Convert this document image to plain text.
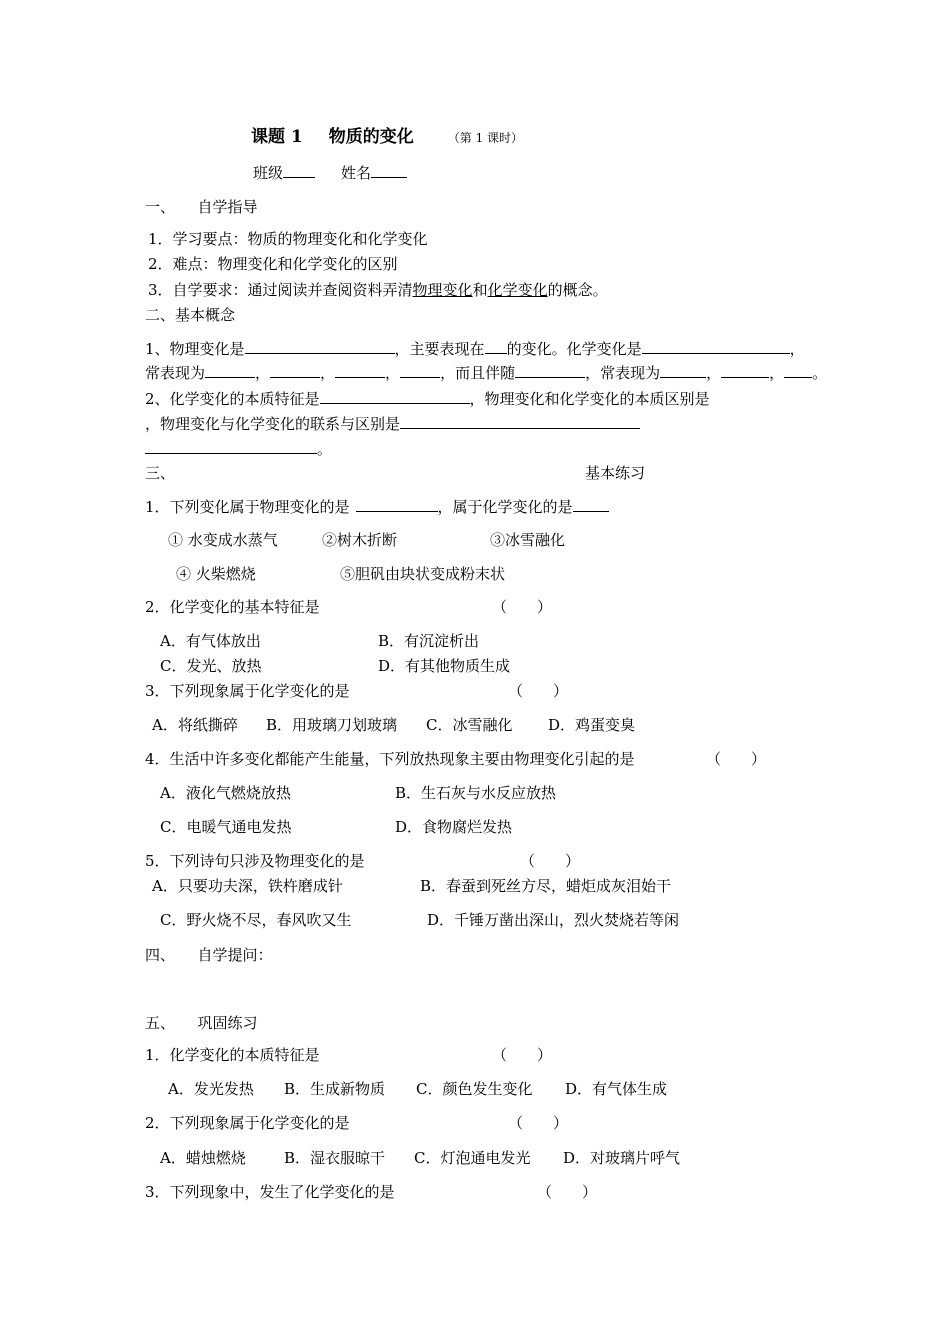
课题 1 物质的变化	（第 1 课时）
班级	姓名
一、　　自学指导
1．学习要点：物质的物理变化和化学变化
2．难点：物理变化和化学变化的区别
3．自学要求：通过阅读并查阅资料弄清物理变化和化学变化的概念。
二、基本概念
1、物理变化是	，主要表现在 的变化。化学变化是	，
常表现为	，	，	，	，而且伴随	，常表现为	，	， 。
2、化学变化的本质特征是	，物理变化和化学变化的本质区别是
，物理变化与化学变化的联系与区别是
。
三、	基本练习
1．下列变化属于物理变化的是	，属于化学变化的是
① 水变成水蒸气	②树木折断	③冰雪融化
④ 火柴燃烧	⑤胆矾由块状变成粉末状
2．化学变化的基本特征是	（　　）
A．有气体放出	B．有沉淀析出
C．发光、放热	D．有其他物质生成
3．下列现象属于化学变化的是	（　　）
A．将纸撕碎 B．用玻璃刀划玻璃 C．冰雪融化 D．鸡蛋变臭
4．生活中许多变化都能产生能量，下列放热现象主要由物理变化引起的是	（　　）
A．液化气燃烧放热	B．生石灰与水反应放热
C．电暖气通电发热	D．食物腐烂发热
5．下列诗句只涉及物理变化的是	（　　）
A．只要功夫深，铁杵磨成针	B．春蚕到死丝方尽，蜡炬成灰泪始干
C．野火烧不尽，春风吹又生	D．千锤万凿出深山，烈火焚烧若等闲
四、　　自学提问：
五、　　巩固练习
1．化学变化的本质特征是	（　　）
A．发光发热 B．生成新物质 C．颜色发生变化 D．有气体生成
2．下列现象属于化学变化的是	（　　）
A．蜡烛燃烧	B．湿衣服晾干 C．灯泡通电发光 D．对玻璃片呼气
3．下列现象中，发生了化学变化的是	（　　）
